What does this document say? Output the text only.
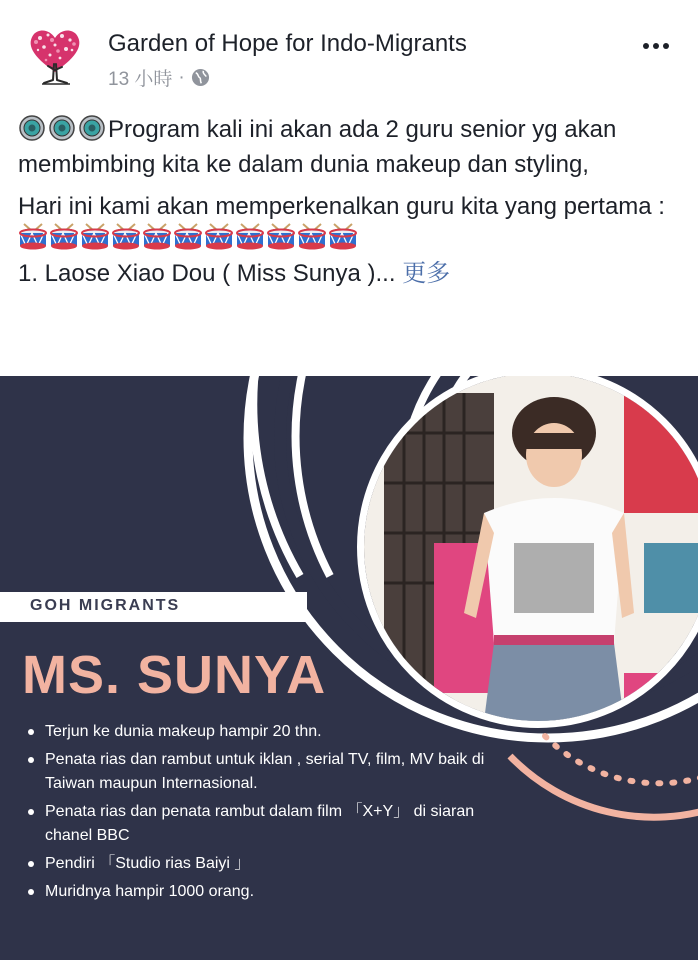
Garden of Hope for Indo-Migrants
13 小時 ·

Program kali ini akan ada 2 guru senior yg akan membimbing kita ke dalam dunia makeup dan styling,

Hari ini kami akan memperkenalkan guru kita yang pertama :

1. Laose Xiao Dou ( Miss Sunya )... 更多

GOH MIGRANTS
MS. SUNYA
Terjun ke dunia makeup hampir 20 thn.
Penata rias dan rambut untuk iklan , serial TV, film, MV baik di Taiwan maupun Internasional.
Penata rias dan penata rambut dalam film 「X+Y」 di siaran chanel BBC
Pendiri 「Studio rias Baiyi 」
Muridnya hampir 1000 orang.
